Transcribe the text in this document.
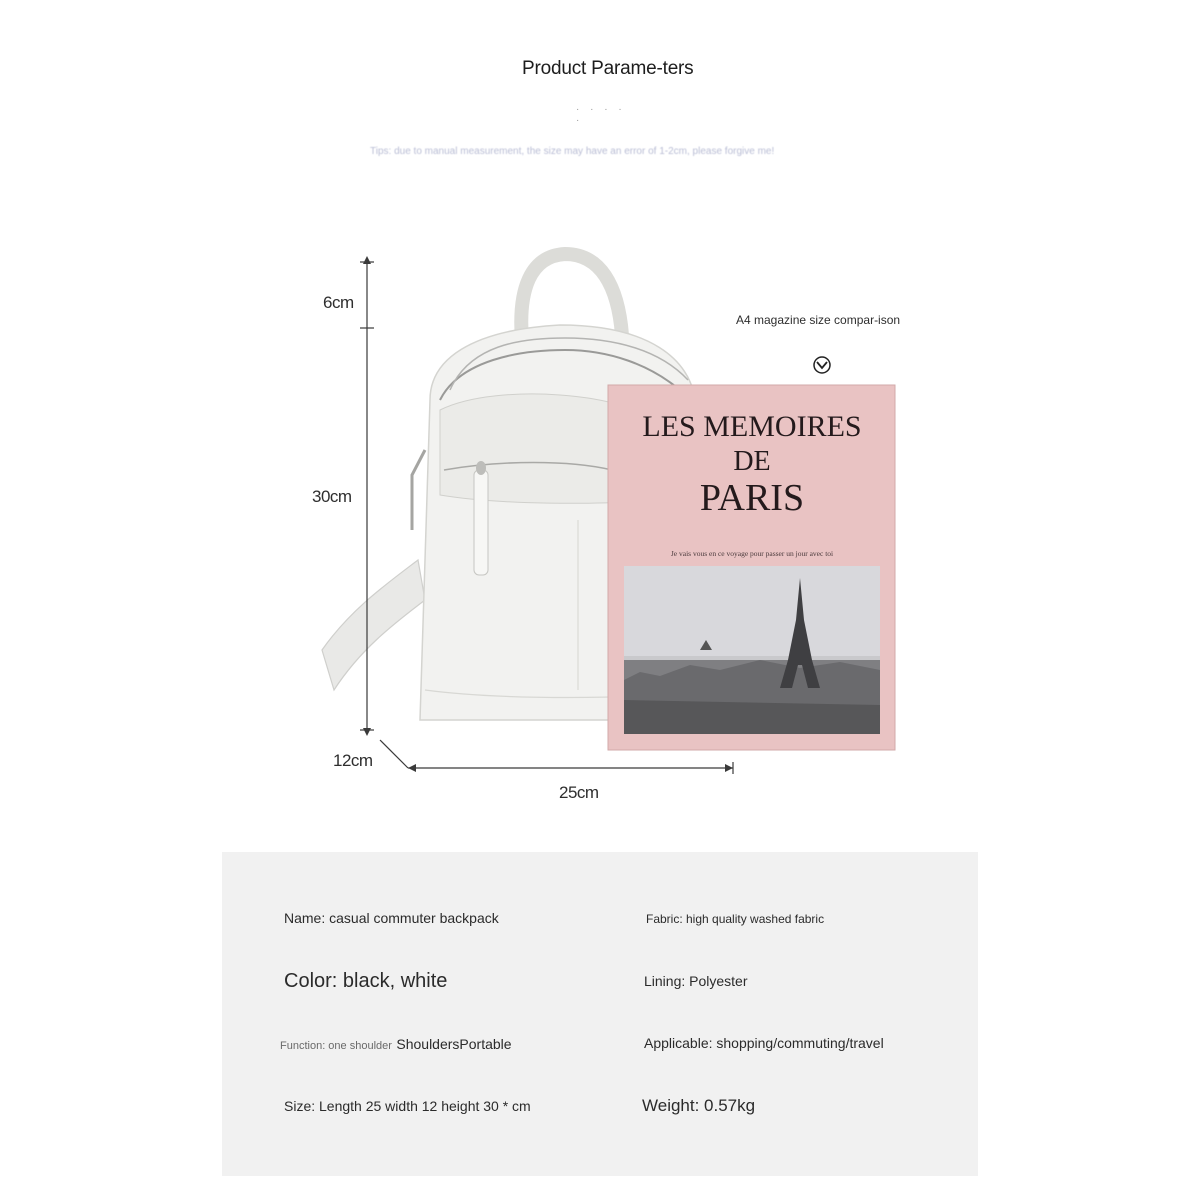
Product Parame-ters
· · · · ·
Tips: due to manual measurement, the size may have an error of 1-2cm, please forgive me!
LES MEMOIRES
DE
PARIS
Je vais vous en ce voyage pour passer un jour avec toi
6cm
30cm
12cm
25cm
A4 magazine size compar-ison
Name: casual commuter backpack	Fabric: high quality washed fabric
Color: black, white	Lining: Polyester
Function: one shoulder ShouldersPortable	Applicable: shopping/commuting/travel
Size: Length 25 width 12 height 30 * cm	Weight: 0.57kg
